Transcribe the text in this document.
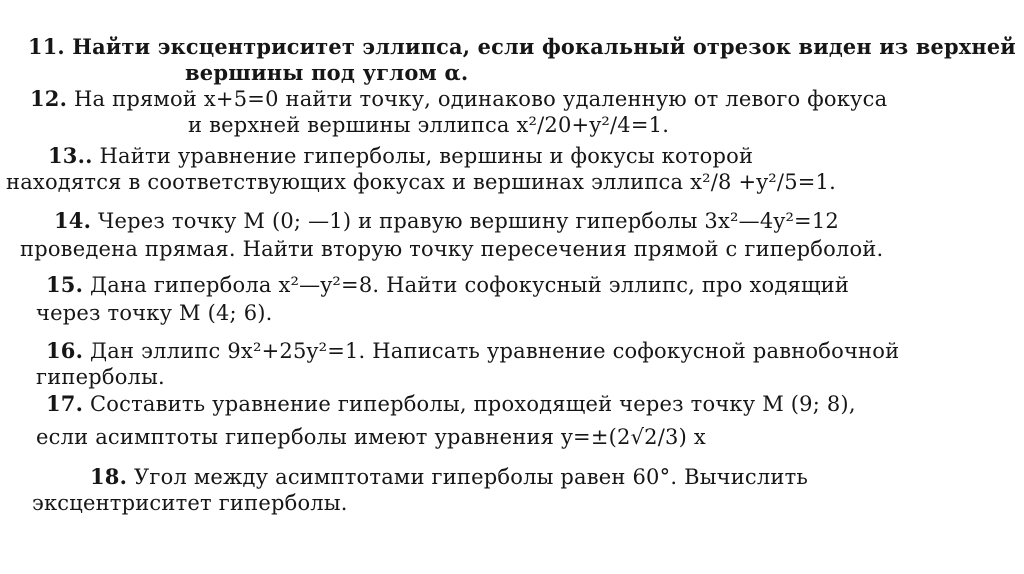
11. Найти эксцентриситет эллипса, если фокальный отрезок виден из верхней
вершины под углом α.
12. На прямой x+5=0 найти точку, одинаково удаленную от левого фокуса
и верхней вершины эллипса x²/20+y²/4=1.
13.. Найти уравнение гиперболы, вершины и фокусы которой
находятся в соответствующих фокусах и вершинах эллипса x²/8 +y²/5=1.
14. Через точку M (0; —1) и правую вершину гиперболы 3x²—4y²=12
проведена прямая. Найти вторую точку пересечения прямой с гиперболой.
15. Дана гипербола x²—y²=8. Найти софокусный эллипс, про ходящий
через точку M (4; 6).
16. Дан эллипс 9x²+25y²=1. Написать уравнение софокусной равнобочной
гиперболы.
17. Составить уравнение гиперболы, проходящей через точку M (9; 8),
если асимптоты гиперболы имеют уравнения y=±(2√2/3) x
18. Угол между асимптотами гиперболы равен 60°. Вычислить
эксцентриситет гиперболы.
